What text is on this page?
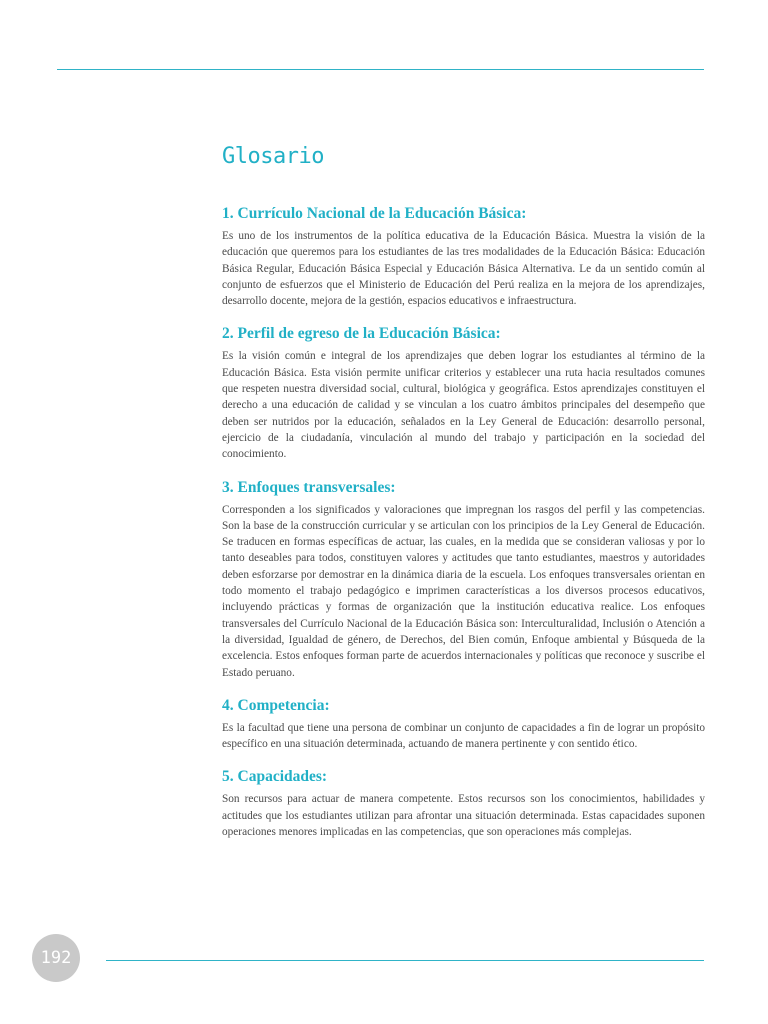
Glosario
1. Currículo Nacional de la Educación Básica:

Es uno de los instrumentos de la política educativa de la Educación Básica. Muestra la visión de la educación que queremos para los estudiantes de las tres modalidades de la Educación Básica: Educación Básica Regular, Educación Básica Especial y Educación Básica Alternativa. Le da un sentido común al conjunto de esfuerzos que el Ministerio de Educación del Perú realiza en la mejora de los aprendizajes, desarrollo docente, mejora de la gestión, espacios educativos e infraestructura.

2. Perfil de egreso de la Educación Básica:

Es la visión común e integral de los aprendizajes que deben lograr los estudiantes al término de la Educación Básica. Esta visión permite unificar criterios y establecer una ruta hacia resultados comunes que respeten nuestra diversidad social, cultural, biológica y geográfica. Estos aprendizajes constituyen el derecho a una educación de calidad y se vinculan a los cuatro ámbitos principales del desempeño que deben ser nutridos por la educación, señalados en la Ley General de Educación: desarrollo personal, ejercicio de la ciudadanía, vinculación al mundo del trabajo y participación en la sociedad del conocimiento.

3. Enfoques transversales:

Corresponden a los significados y valoraciones que impregnan los rasgos del perfil y las competencias. Son la base de la construcción curricular y se articulan con los principios de la Ley General de Educación. Se traducen en formas específicas de actuar, las cuales, en la medida que se consideran valiosas y por lo tanto deseables para todos, constituyen valores y actitudes que tanto estudiantes, maestros y autoridades deben esforzarse por demostrar en la dinámica diaria de la escuela. Los enfoques transversales orientan en todo momento el trabajo pedagógico e imprimen características a los diversos procesos educativos, incluyendo prácticas y formas de organización que la institución educativa realice. Los enfoques transversales del Currículo Nacional de la Educación Básica son: Interculturalidad, Inclusión o Atención a la diversidad, Igualdad de género, de Derechos, del Bien común, Enfoque ambiental y Búsqueda de la excelencia. Estos enfoques forman parte de acuerdos internacionales y políticas que reconoce y suscribe el Estado peruano.

4. Competencia:

Es la facultad que tiene una persona de combinar un conjunto de capacidades a fin de lograr un propósito específico en una situación determinada, actuando de manera pertinente y con sentido ético.

5. Capacidades:

Son recursos para actuar de manera competente. Estos recursos son los conocimientos, habilidades y actitudes que los estudiantes utilizan para afrontar una situación determinada. Estas capacidades suponen operaciones menores implicadas en las competencias, que son operaciones más complejas.

192
